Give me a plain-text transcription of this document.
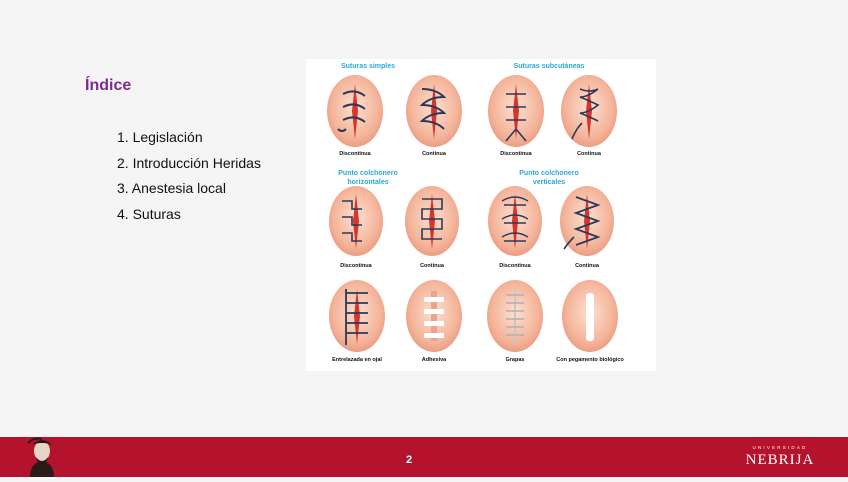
Índice
1. Legislación
2. Introducción Heridas
3. Anestesia local
4. Suturas
Suturas simples	Suturas subcutáneas
Punto colchonero
horizontales
Punto colchonero
verticales
Discontinua	Continua	Discontinua	Continua
Discontinua	Continua	Discontinua	Continua
Entrelazada en ojal	Adhesiva	Grapas	Con pegamento biológico
2
UNIVERSIDAD
NEBRIJA
